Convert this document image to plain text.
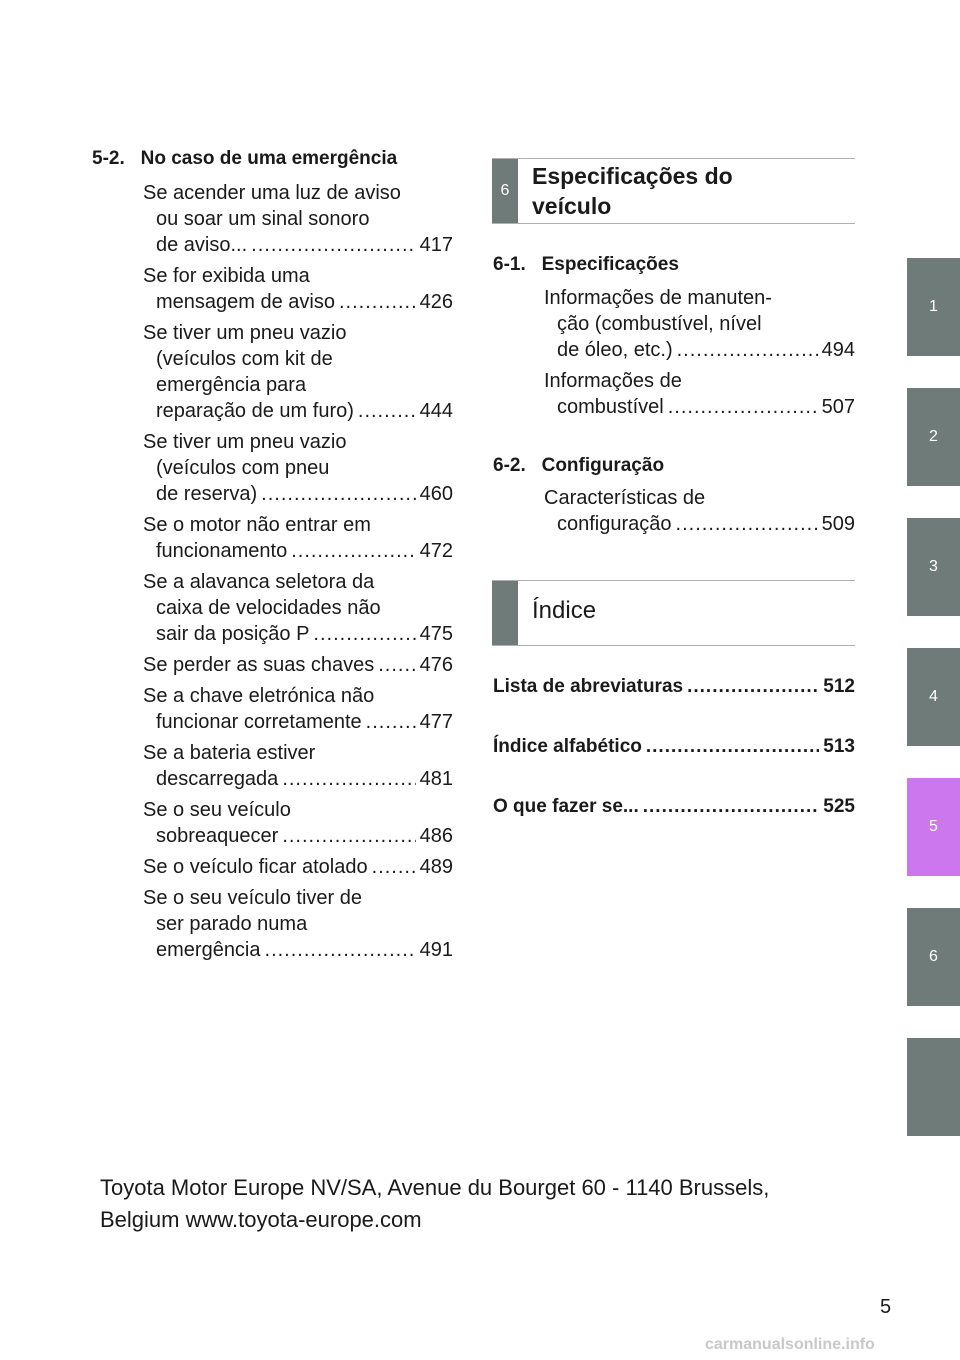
5-2. No caso de uma emergência
Se acender uma luz de aviso
ou soar um sinal sonoro
de aviso... .....	417
Se for exibida uma
mensagem de aviso .....	426
Se tiver um pneu vazio
(veículos com kit de
emergência para
reparação de um furo) .....	444
Se tiver um pneu vazio
(veículos com pneu
de reserva) .....	460
Se o motor não entrar em
funcionamento .....	472
Se a alavanca seletora da
caixa de velocidades não
sair da posição P .....	475
Se perder as suas chaves ..... 476
Se a chave eletrónica não
funcionar corretamente .....	477
Se a bateria estiver
descarregada .....	481
Se o seu veículo
sobreaquecer .....	486
Se o veículo ficar atolado .....	489
Se o seu veículo tiver de
ser parado numa
emergência .....	491
6
Especificações do
veículo
6-1. Especificações
Informações de manuten-
ção (combustível, nível
de óleo, etc.) .....	494
Informações de
combustível .....	507
6-2. Configuração
Características de
configuração .....	509
Índice
Lista de abreviaturas .....	512
Índice alfabético .....	513
O que fazer se... .....	525
1
2
3
4
5
6
Toyota Motor Europe NV/SA, Avenue du Bourget 60 - 1140 Brussels,
Belgium www.toyota-europe.com
5
carmanualsonline.info
